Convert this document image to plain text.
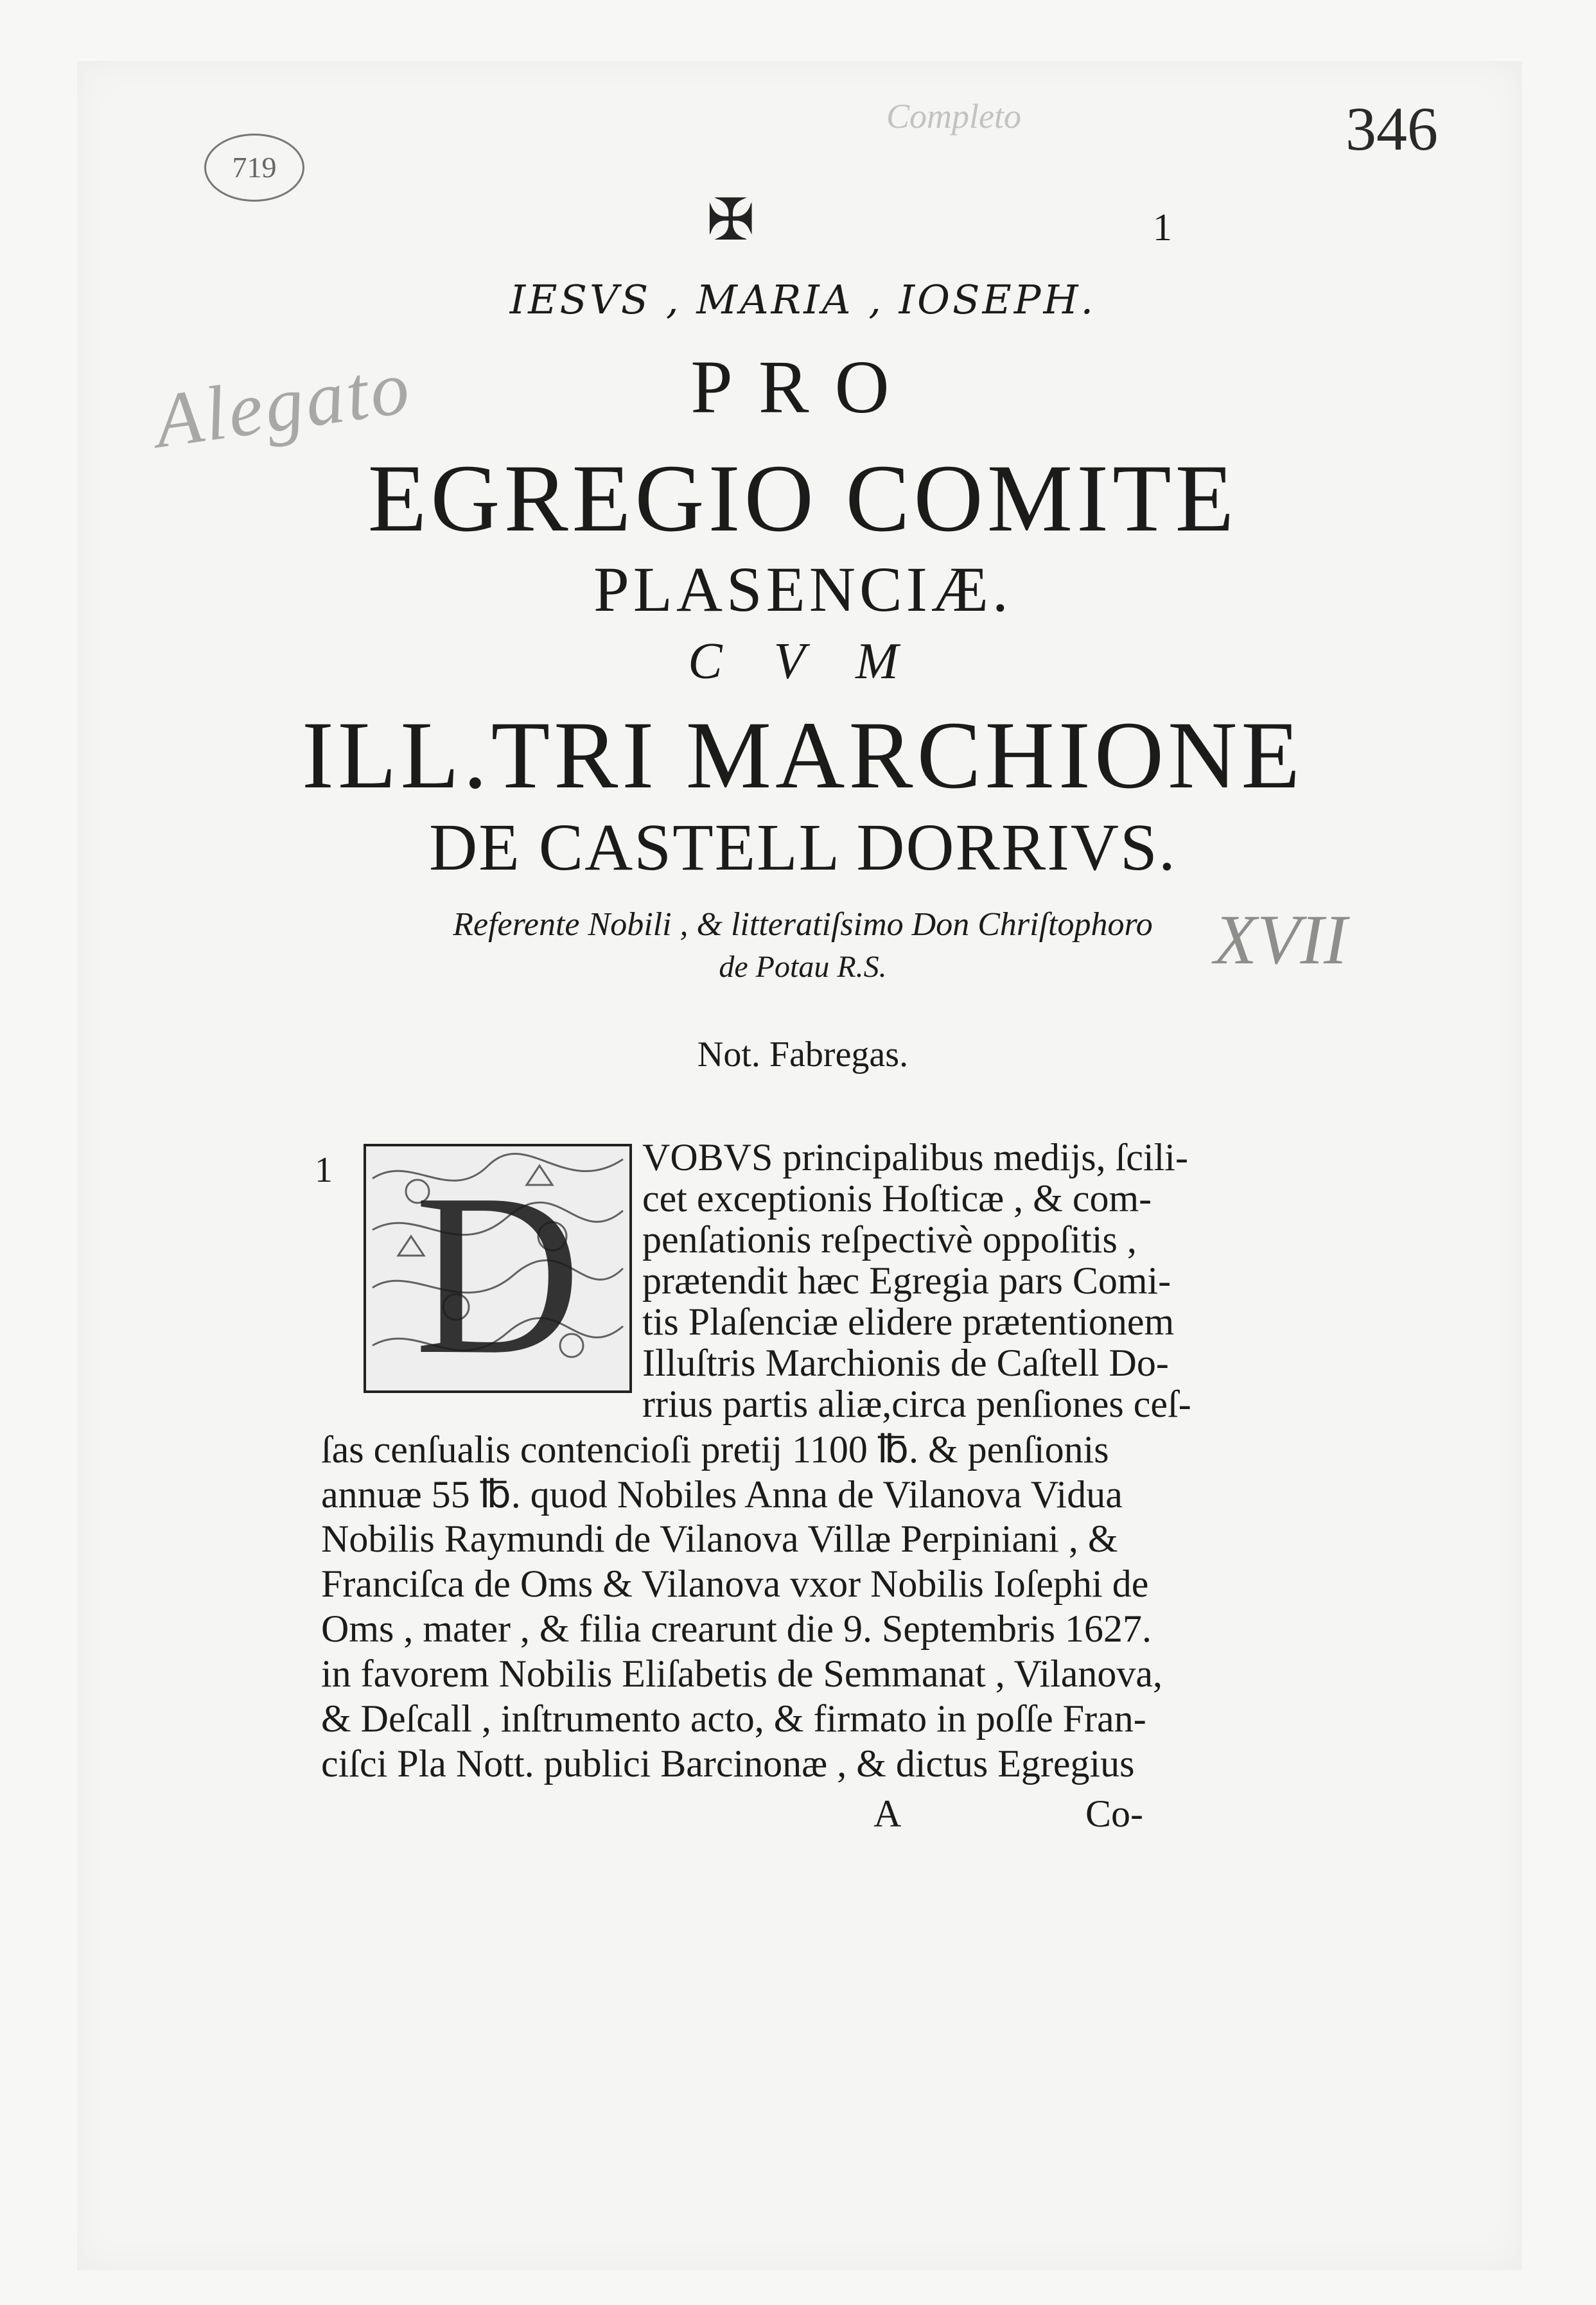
719
Completo	346
Alegato
XVII
✠	1
IESVS , MARIA , IOSEPH.
PRO
EGREGIO COMITE
PLASENCIÆ.
C V M
ILL.TRI MARCHIONE
DE CASTELL DORRIVS.
Referente Nobili , & litteratiſsimo Don Chriſtophoro
de Potau R.S.
Not. Fabregas.
1 D VOBVS principalibus medijs, ſcili-
cet exceptionis Hoſticæ , & com-
penſationis reſpectivè oppoſitis ,
prætendit hæc Egregia pars Comi-
tis Plaſenciæ elidere prætentionem
Illuſtris Marchionis de Caſtell Do-
rrius partis aliæ,circa penſiones ceſ-
ſas cenſualis contencioſi pretij 1100 ℔. & penſionis
annuæ 55 ℔. quod Nobiles Anna de Vilanova Vidua
Nobilis Raymundi de Vilanova Villæ Perpiniani , &
Franciſca de Oms & Vilanova vxor Nobilis Ioſephi de
Oms , mater , & filia crearunt die 9. Septembris 1627.
in favorem Nobilis Eliſabetis de Semmanat , Vilanova,
& Deſcall , inſtrumento acto, & firmato in poſſe Fran-
ciſci Pla Nott. publici Barcinonæ , & dictus Egregius
A	Co-
